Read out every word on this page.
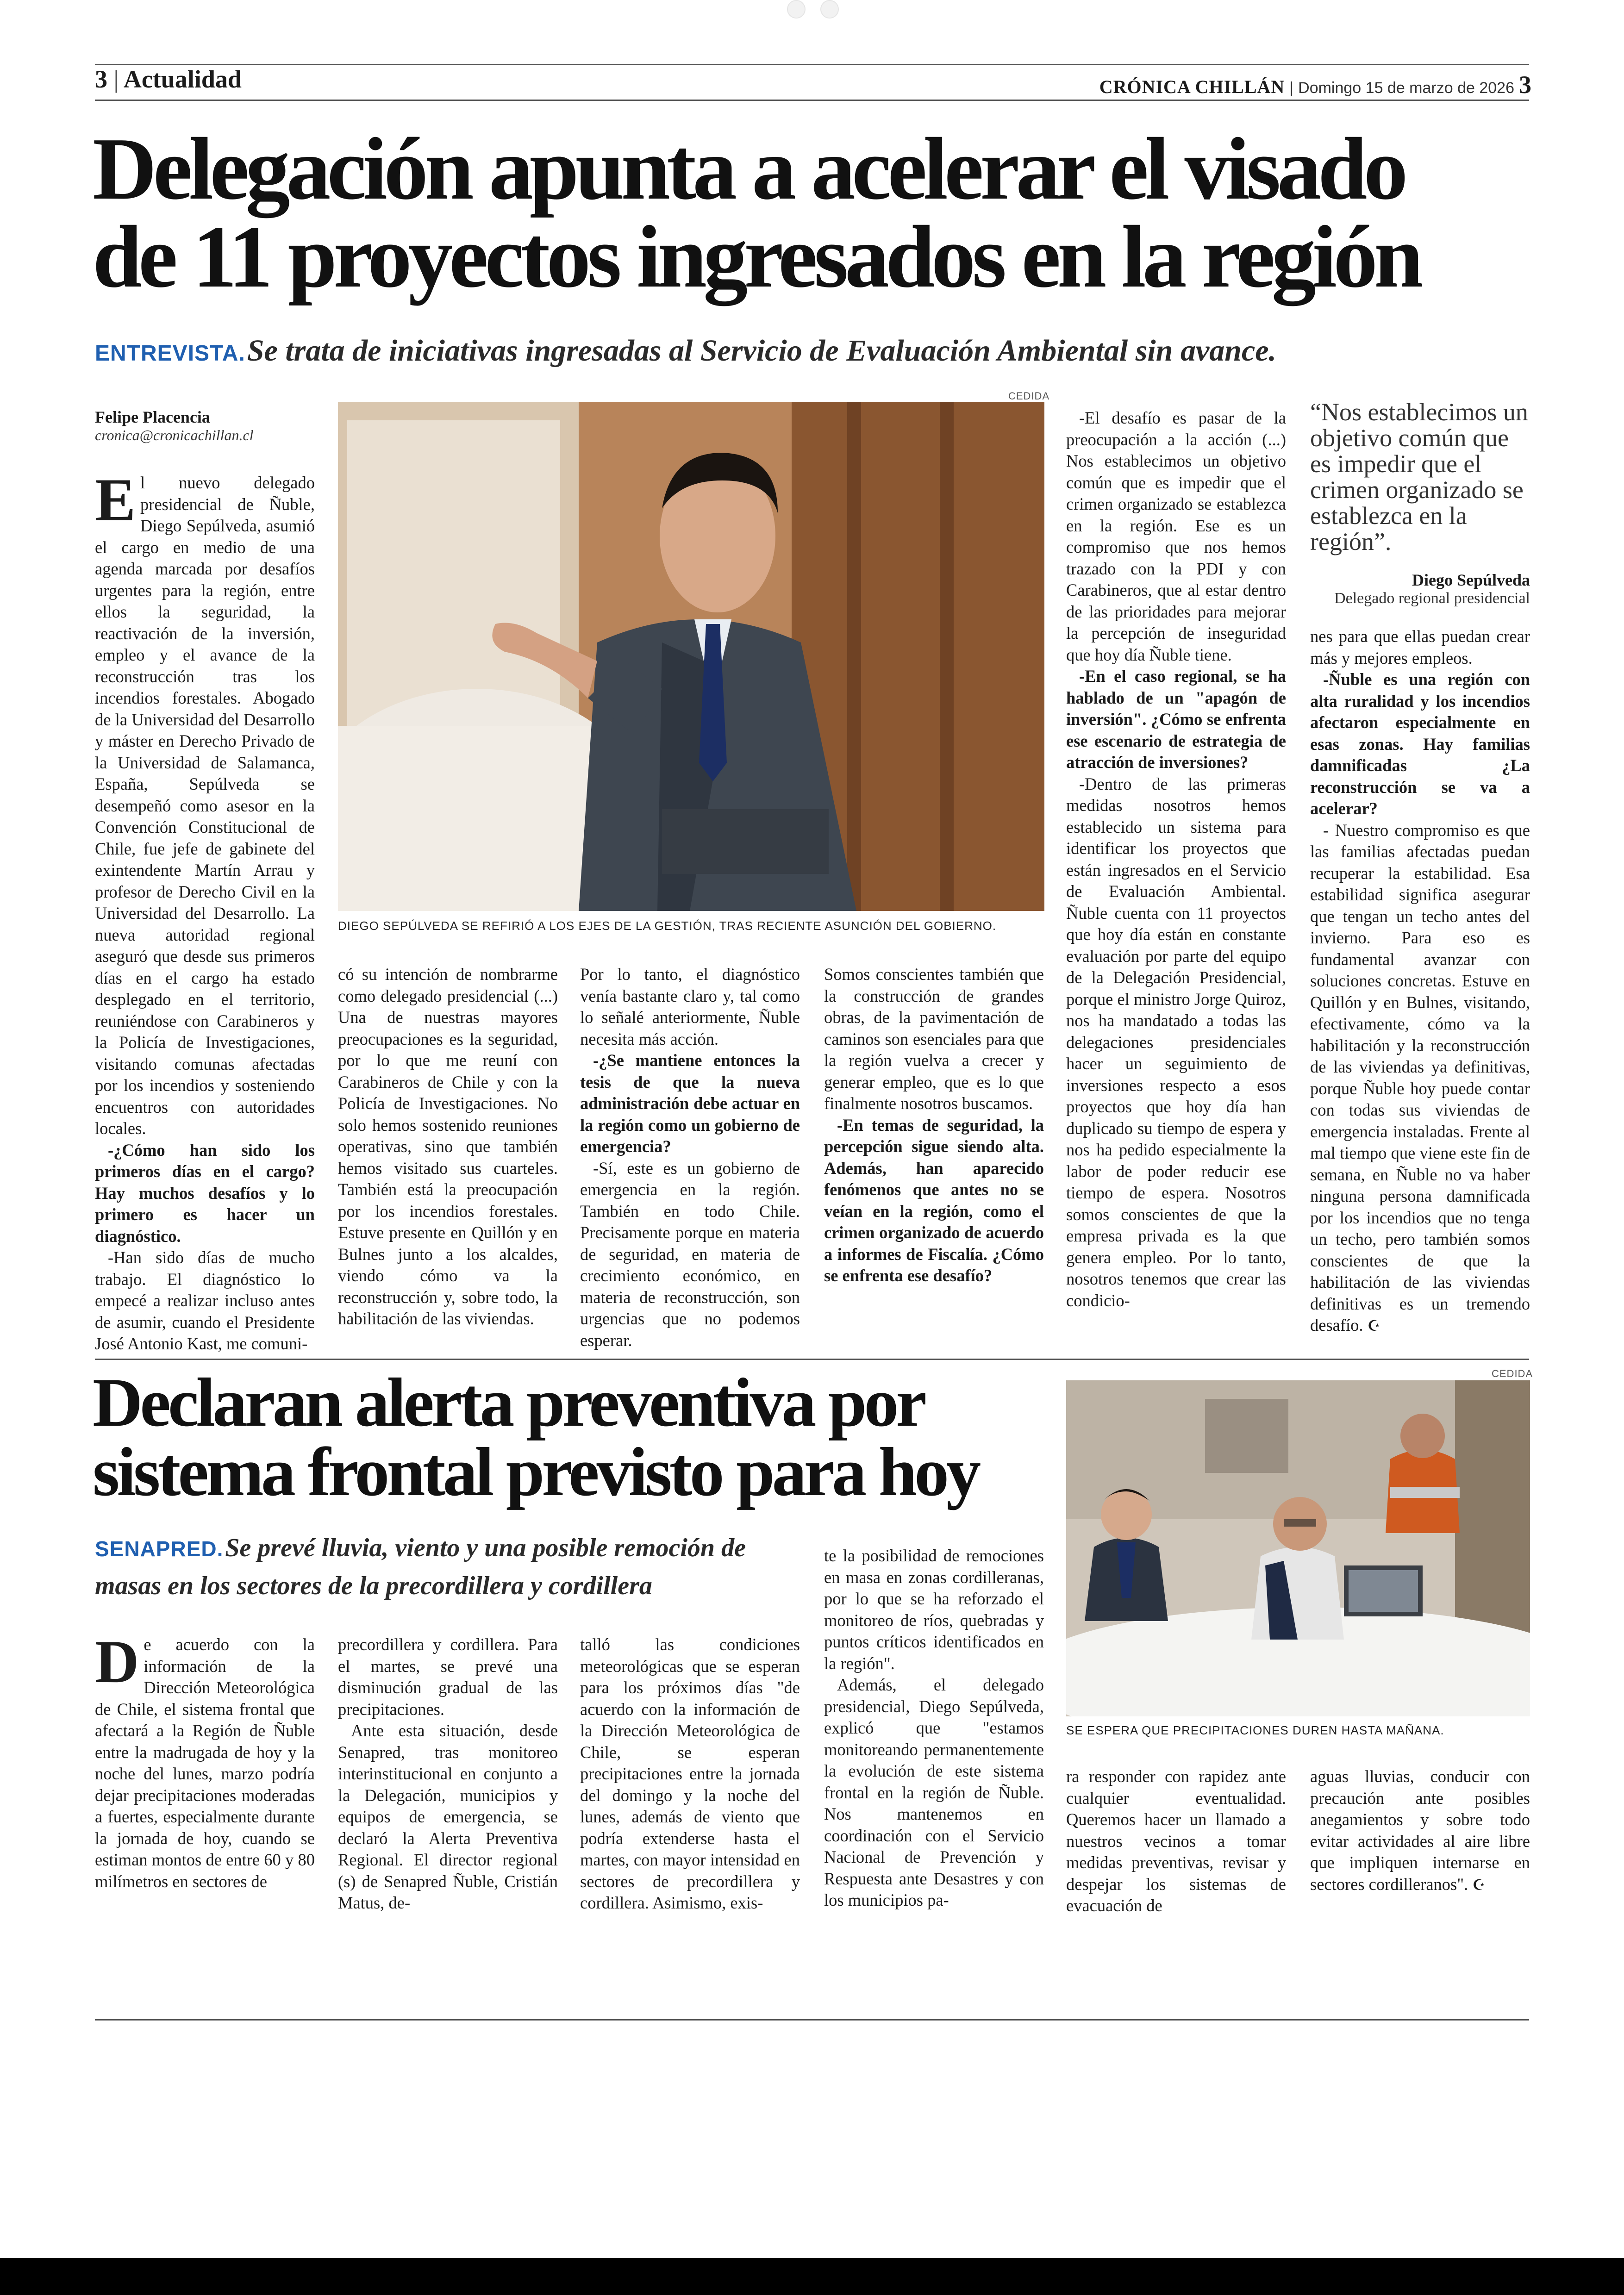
3 | Actualidad	CRÓNICA CHILLÁN | Domingo 15 de marzo de 2026 3
Delegación apunta a acelerar el visado
de 11 proyectos ingresados en la región
ENTREVISTA. Se trata de iniciativas ingresadas al Servicio de Evaluación Ambiental sin avance.
Felipe Placencia
cronica@cronicachillan.cl
CEDIDA
DIEGO SEPÚLVEDA SE REFIRIÓ A LOS EJES DE LA GESTIÓN, TRAS RECIENTE ASUNCIÓN DEL GOBIERNO.

El nuevo delegado presidencial de Ñuble, Diego Sepúlveda, asumió el cargo en medio de una agenda marcada por desafíos urgentes para la región, entre ellos la seguridad, la reactivación de la inversión, empleo y el avance de la reconstrucción tras los incendios forestales. Abogado de la Universidad del Desarrollo y máster en Derecho Privado de la Universidad de Salamanca, España, Sepúlveda se desempeñó como asesor en la Convención Constitucional de Chile, fue jefe de gabinete del exintendente Martín Arrau y profesor de Derecho Civil en la Universidad del Desarrollo. La nueva autoridad regional aseguró que desde sus primeros días en el cargo ha estado desplegado en el territorio, reuniéndose con Carabineros y la Policía de Investigaciones, visitando comunas afectadas por los incendios y sosteniendo encuentros con autoridades locales.

-¿Cómo han sido los primeros días en el cargo? Hay muchos desafíos y lo primero es hacer un diagnóstico.

-Han sido días de mucho trabajo. El diagnóstico lo empecé a realizar incluso antes de asumir, cuando el Presidente José Antonio Kast, me comuni-

có su intención de nombrarme como delegado presidencial (...) Una de nuestras mayores preocupaciones es la seguridad, por lo que me reuní con Carabineros de Chile y con la Policía de Investigaciones. No solo hemos sostenido reuniones operativas, sino que también hemos visitado sus cuarteles. También está la preocupación por los incendios forestales. Estuve presente en Quillón y en Bulnes junto a los alcaldes, viendo cómo va la reconstrucción y, sobre todo, la habilitación de las viviendas.

Por lo tanto, el diagnóstico venía bastante claro y, tal como lo señalé anteriormente, Ñuble necesita más acción.

-¿Se mantiene entonces la tesis de que la nueva administración debe actuar en la región como un gobierno de emergencia?

-Sí, este es un gobierno de emergencia en la región. También en todo Chile. Precisamente porque en materia de seguridad, en materia de crecimiento económico, en materia de reconstrucción, son urgencias que no podemos esperar.

Somos conscientes también que la construcción de grandes obras, de la pavimentación de caminos son esenciales para que la región vuelva a crecer y generar empleo, que es lo que finalmente nosotros buscamos.

-En temas de seguridad, la percepción sigue siendo alta. Además, han aparecido fenómenos que antes no se veían en la región, como el crimen organizado de acuerdo a informes de Fiscalía. ¿Cómo se enfrenta ese desafío?

-El desafío es pasar de la preocupación a la acción (...) Nos establecimos un objetivo común que es impedir que el crimen organizado se establezca en la región. Ese es un compromiso que nos hemos trazado con la PDI y con Carabineros, que al estar dentro de las prioridades para mejorar la percepción de inseguridad que hoy día Ñuble tiene.

-En el caso regional, se ha hablado de un "apagón de inversión". ¿Cómo se enfrenta ese escenario de estrategia de atracción de inversiones?

-Dentro de las primeras medidas nosotros hemos establecido un sistema para identificar los proyectos que están ingresados en el Servicio de Evaluación Ambiental. Ñuble cuenta con 11 proyectos que hoy día están en constante evaluación por parte del equipo de la Delegación Presidencial, porque el ministro Jorge Quiroz, nos ha mandatado a todas las delegaciones presidenciales hacer un seguimiento de inversiones respecto a esos proyectos que hoy día han duplicado su tiempo de espera y nos ha pedido especialmente la labor de poder reducir ese tiempo de espera. Nosotros somos conscientes de que la empresa privada es la que genera empleo. Por lo tanto, nosotros tenemos que crear las condicio-

“Nos establecimos un objetivo común que es impedir que el crimen organizado se establezca en la región”.
Diego Sepúlveda
Delegado regional presidencial

nes para que ellas puedan crear más y mejores empleos.

-Ñuble es una región con alta ruralidad y los incendios afectaron especialmente en esas zonas. Hay familias damnificadas ¿La reconstrucción se va a acelerar?

- Nuestro compromiso es que las familias afectadas puedan recuperar la estabilidad. Esa estabilidad significa asegurar que tengan un techo antes del invierno. Para eso es fundamental avanzar con soluciones concretas. Estuve en Quillón y en Bulnes, visitando, efectivamente, cómo va la habilitación y la reconstrucción de las viviendas ya definitivas, porque Ñuble hoy puede contar con todas sus viviendas de emergencia instaladas. Frente al mal tiempo que viene este fin de semana, en Ñuble no va haber ninguna persona damnificada por los incendios que no tenga un techo, pero también somos conscientes de que la habilitación de las viviendas definitivas es un tremendo desafío. ☪

Declaran alerta preventiva por
sistema frontal previsto para hoy
SENAPRED. Se prevé lluvia, viento y una posible remoción de masas en los sectores de la precordillera y cordillera
CEDIDA
SE ESPERA QUE PRECIPITACIONES DUREN HASTA MAÑANA.

De acuerdo con la información de la Dirección Meteorológica de Chile, el sistema frontal que afectará a la Región de Ñuble entre la madrugada de hoy y la noche del lunes, marzo podría dejar precipitaciones moderadas a fuertes, especialmente durante la jornada de hoy, cuando se estiman montos de entre 60 y 80 milímetros en sectores de

precordillera y cordillera. Para el martes, se prevé una disminución gradual de las precipitaciones.

Ante esta situación, desde Senapred, tras monitoreo interinstitucional en conjunto a la Delegación, municipios y equipos de emergencia, se declaró la Alerta Preventiva Regional. El director regional (s) de Senapred Ñuble, Cristián Matus, de-

talló las condiciones meteorológicas que se esperan para los próximos días "de acuerdo con la información de la Dirección Meteorológica de Chile, se esperan precipitaciones entre la jornada del domingo y la noche del lunes, además de viento que podría extenderse hasta el martes, con mayor intensidad en sectores de precordillera y cordillera. Asimismo, exis-

te la posibilidad de remociones en masa en zonas cordilleranas, por lo que se ha reforzado el monitoreo de ríos, quebradas y puntos críticos identificados en la región".

Además, el delegado presidencial, Diego Sepúlveda, explicó que "estamos monitoreando permanentemente la evolución de este sistema frontal en la región de Ñuble. Nos mantenemos en coordinación con el Servicio Nacional de Prevención y Respuesta ante Desastres y con los municipios pa-

ra responder con rapidez ante cualquier eventualidad. Queremos hacer un llamado a nuestros vecinos a tomar medidas preventivas, revisar y despejar los sistemas de evacuación de

aguas lluvias, conducir con precaución ante posibles anegamientos y sobre todo evitar actividades al aire libre que impliquen internarse en sectores cordilleranos". ☪
